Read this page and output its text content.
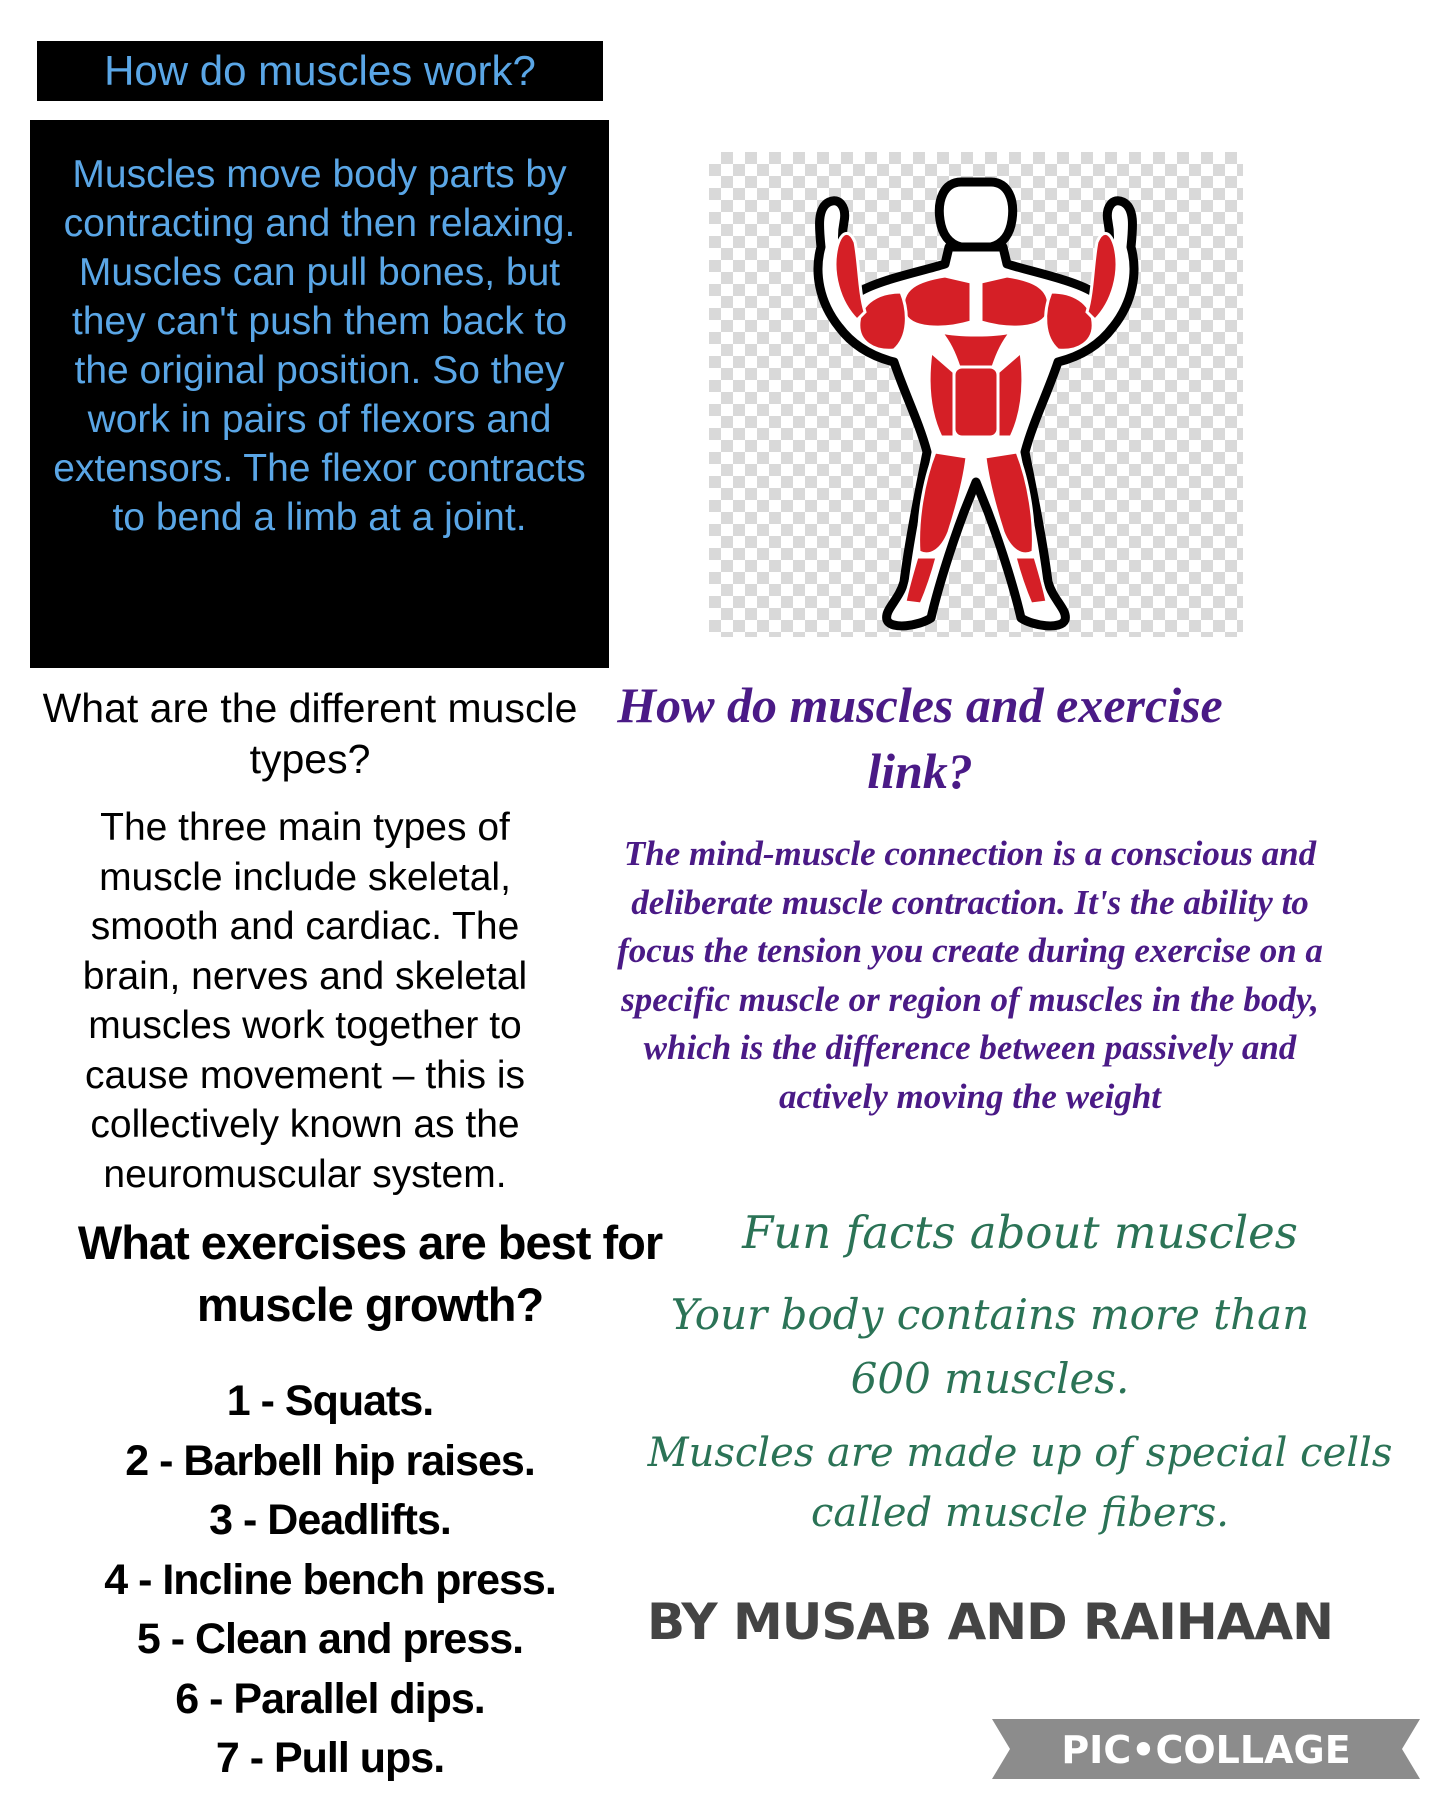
How do muscles work?
Muscles move body parts by contracting and then relaxing. Muscles can pull bones, but they can't push them back to the original position. So they work in pairs of flexors and extensors. The flexor contracts to bend a limb at a joint.
What are the different muscle types?
The three main types of muscle include skeletal, smooth and cardiac. The brain, nerves and skeletal muscles work together to cause movement – this is collectively known as the neuromuscular system.
How do muscles and exercise link?
The mind-muscle connection is a conscious and deliberate muscle contraction. It's the ability to focus the tension you create during exercise on a specific muscle or region of muscles in the body, which is the difference between passively and actively moving the weight
What exercises are best for muscle growth?
1 - Squats.
2 - Barbell hip raises.
3 - Deadlifts.
4 - Incline bench press.
5 - Clean and press.
6 - Parallel dips.
7 - Pull ups.
Fun facts about muscles
Your body contains more than 600 muscles.
Muscles are made up of special cells called muscle fibers.
BY MUSAB AND RAIHAAN
PIC•COLLAGE
